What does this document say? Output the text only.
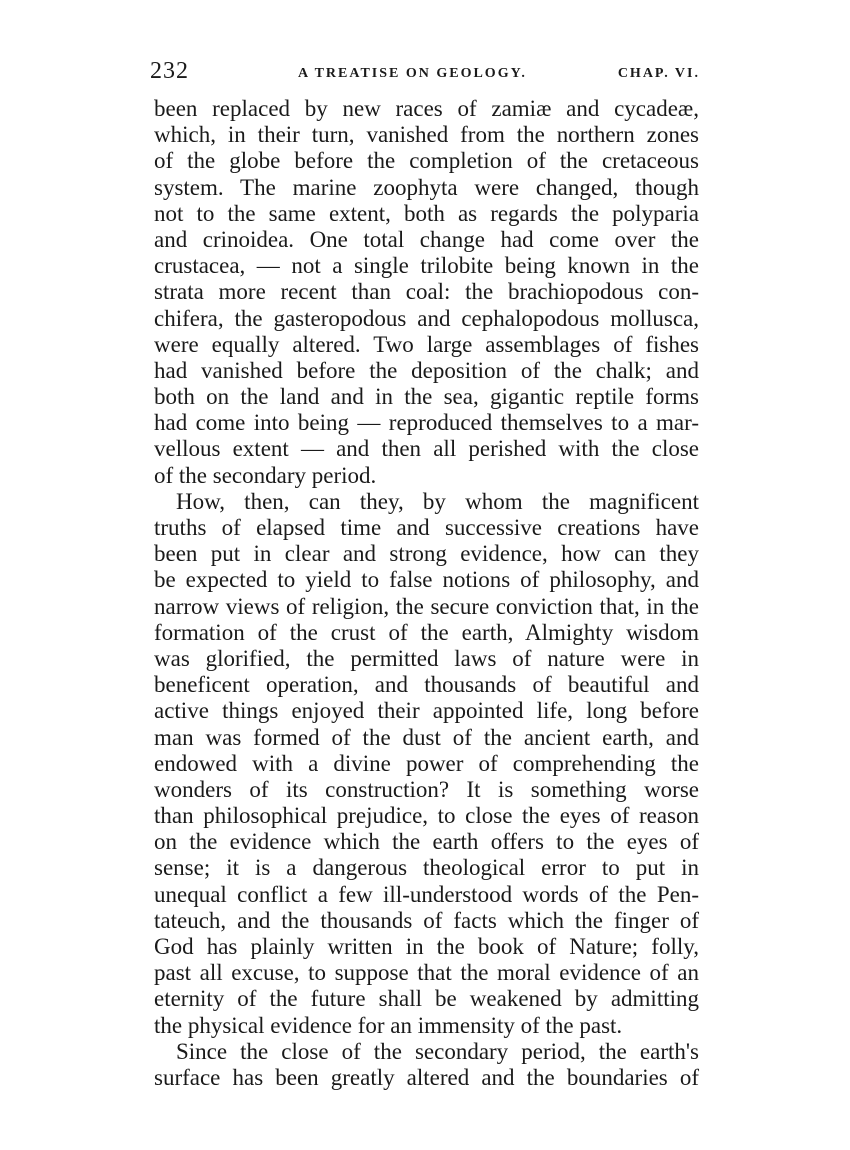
232	A TREATISE ON GEOLOGY.	CHAP. VI.
been replaced by new races of zamiæ and cycadeæ,
which, in their turn, vanished from the northern zones
of the globe before the completion of the cretaceous
system. The marine zoophyta were changed, though
not to the same extent, both as regards the polyparia
and crinoidea. One total change had come over the
crustacea, — not a single trilobite being known in the
strata more recent than coal: the brachiopodous con-
chifera, the gasteropodous and cephalopodous mollusca,
were equally altered. Two large assemblages of fishes
had vanished before the deposition of the chalk; and
both on the land and in the sea, gigantic reptile forms
had come into being — reproduced themselves to a mar-
vellous extent — and then all perished with the close
of the secondary period.
How, then, can they, by whom the magnificent
truths of elapsed time and successive creations have
been put in clear and strong evidence, how can they
be expected to yield to false notions of philosophy, and
narrow views of religion, the secure conviction that, in the
formation of the crust of the earth, Almighty wisdom
was glorified, the permitted laws of nature were in
beneficent operation, and thousands of beautiful and
active things enjoyed their appointed life, long before
man was formed of the dust of the ancient earth, and
endowed with a divine power of comprehending the
wonders of its construction? It is something worse
than philosophical prejudice, to close the eyes of reason
on the evidence which the earth offers to the eyes of
sense; it is a dangerous theological error to put in
unequal conflict a few ill-understood words of the Pen-
tateuch, and the thousands of facts which the finger of
God has plainly written in the book of Nature; folly,
past all excuse, to suppose that the moral evidence of an
eternity of the future shall be weakened by admitting
the physical evidence for an immensity of the past.
Since the close of the secondary period, the earth's
surface has been greatly altered and the boundaries of
